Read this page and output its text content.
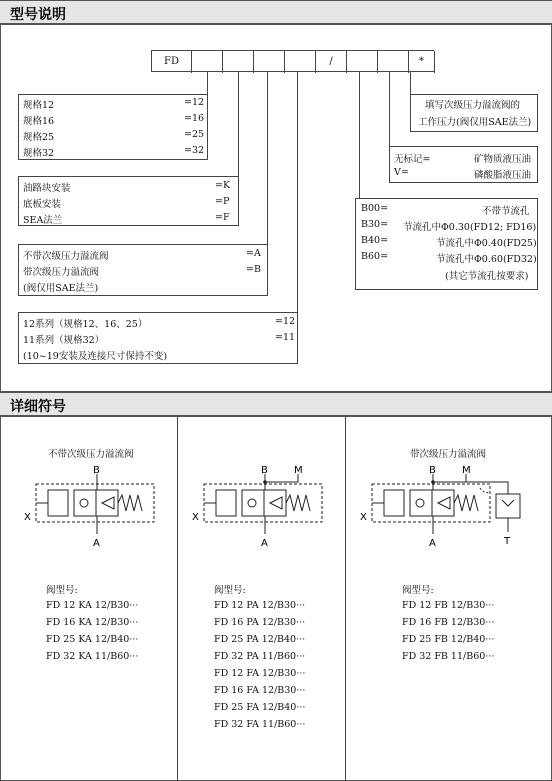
型号说明
FD	/	*
规格12	=12
规格16	=16
规格25	=25
规格32	=32
油路块安装	=K
底板安装	=P
SEA法兰	=F
不带次级压力溢流阀	=A
带次级压力溢流阀	=B
(阀仅用SAE法兰)
12系列（规格12、16、25）	=12
11系列（规格32）	=11
(10~19安装及连接尺寸保持不变)
填写次级压力溢流阀的
工作压力(阀仅用SAE法兰)
无标记=	矿物质液压油
V=	磷酸脂液压油
B00=	不带节流孔
B30= 节流孔中Φ0.30(FD12; FD16)
B40=	节流孔中Φ0.40(FD25)
B60=	节流孔中Φ0.60(FD32)
(其它节流孔按要求)
详细符号
不带次级压力溢流阀
B
A
X
阀型号:
FD 12 KA 12/B30···
FD 16 KA 12/B30···
FD 25 KA 12/B40···
FD 32 KA 11/B60···
B	M
A
X
阀型号:
FD 12 PA 12/B30···
FD 16 PA 12/B30···
FD 25 PA 12/B40···
FD 32 PA 11/B60···
FD 12 FA 12/B30···
FD 16 FA 12/B30···
FD 25 FA 12/B40···
FD 32 FA 11/B60···
带次级压力溢流阀
B	M
A	T
X
阀型号:
FD 12 FB 12/B30···
FD 16 FB 12/B30···
FD 25 FB 12/B40···
FD 32 FB 11/B60···
